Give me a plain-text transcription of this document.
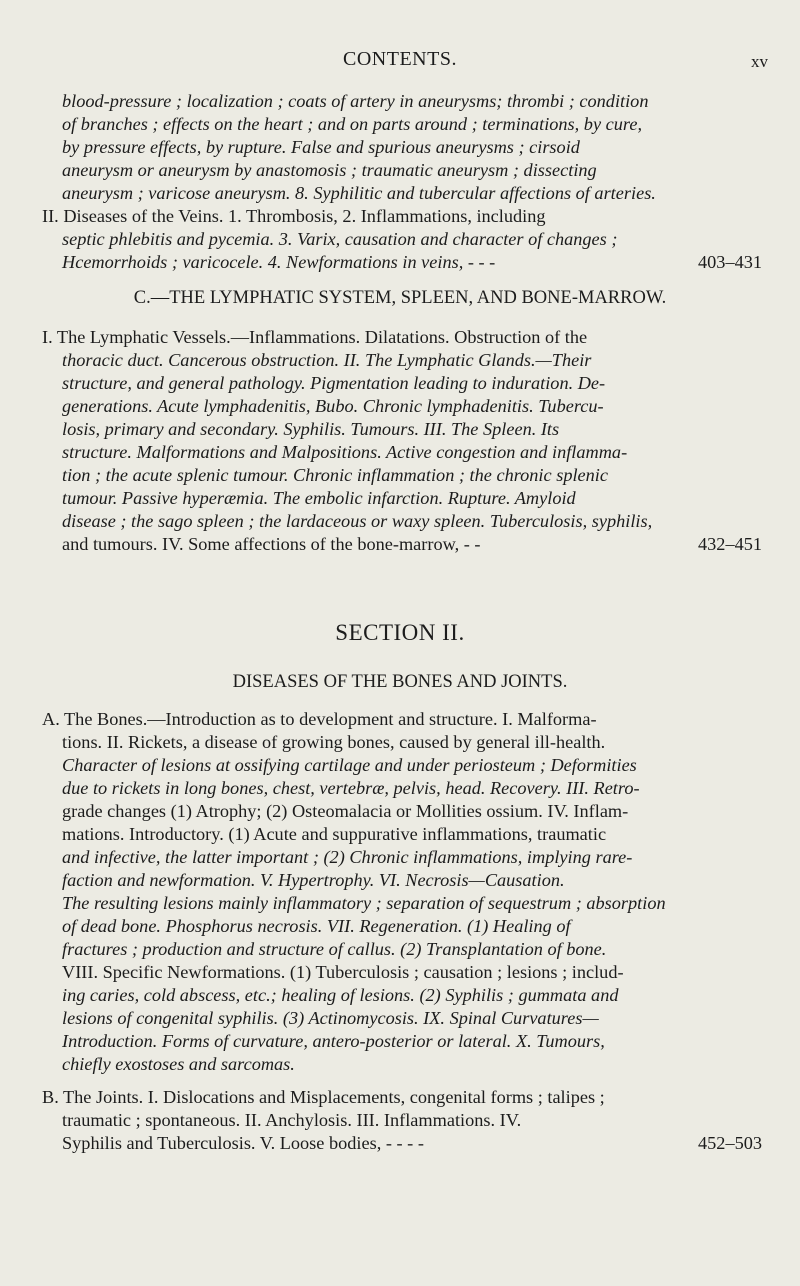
CONTENTS.	xv
blood-pressure ; localization ; coats of artery in aneurysms; thrombi ; condition
of branches ; effects on the heart ; and on parts around ; terminations, by cure,
by pressure effects, by rupture. False and spurious aneurysms ; cirsoid
aneurysm or aneurysm by anastomosis ; traumatic aneurysm ; dissecting
aneurysm ; varicose aneurysm. 8. Syphilitic and tubercular affections of arteries.
II. Diseases of the Veins. 1. Thrombosis, 2. Inflammations, including
septic phlebitis and pycemia. 3. Varix, causation and character of changes ;
Hcemorrhoids ; varicocele. 4. Newformations in veins, - - -	403–431
C.—THE LYMPHATIC SYSTEM, SPLEEN, AND BONE-MARROW.
I. The Lymphatic Vessels.—Inflammations. Dilatations. Obstruction of the
thoracic duct. Cancerous obstruction. II. The Lymphatic Glands.—Their
structure, and general pathology. Pigmentation leading to induration. De-
generations. Acute lymphadenitis, Bubo. Chronic lymphadenitis. Tubercu-
losis, primary and secondary. Syphilis. Tumours. III. The Spleen. Its
structure. Malformations and Malpositions. Active congestion and inflamma-
tion ; the acute splenic tumour. Chronic inflammation ; the chronic splenic
tumour. Passive hyperæmia. The embolic infarction. Rupture. Amyloid
disease ; the sago spleen ; the lardaceous or waxy spleen. Tuberculosis, syphilis,
and tumours. IV. Some affections of the bone-marrow, - -	432–451
SECTION II.
DISEASES OF THE BONES AND JOINTS.
A. The Bones.—Introduction as to development and structure. I. Malforma-
tions. II. Rickets, a disease of growing bones, caused by general ill-health.
Character of lesions at ossifying cartilage and under periosteum ; Deformities
due to rickets in long bones, chest, vertebræ, pelvis, head. Recovery. III. Retro-
grade changes (1) Atrophy; (2) Osteomalacia or Mollities ossium. IV. Inflam-
mations. Introductory. (1) Acute and suppurative inflammations, traumatic
and infective, the latter important ; (2) Chronic inflammations, implying rare-
faction and newformation. V. Hypertrophy. VI. Necrosis—Causation.
The resulting lesions mainly inflammatory ; separation of sequestrum ; absorption
of dead bone. Phosphorus necrosis. VII. Regeneration. (1) Healing of
fractures ; production and structure of callus. (2) Transplantation of bone.
VIII. Specific Newformations. (1) Tuberculosis ; causation ; lesions ; includ-
ing caries, cold abscess, etc.; healing of lesions. (2) Syphilis ; gummata and
lesions of congenital syphilis. (3) Actinomycosis. IX. Spinal Curvatures—
Introduction. Forms of curvature, antero-posterior or lateral. X. Tumours,
chiefly exostoses and sarcomas.
B. The Joints. I. Dislocations and Misplacements, congenital forms ; talipes ;
traumatic ; spontaneous. II. Anchylosis. III. Inflammations. IV.
Syphilis and Tuberculosis. V. Loose bodies, - - - -	452–503
